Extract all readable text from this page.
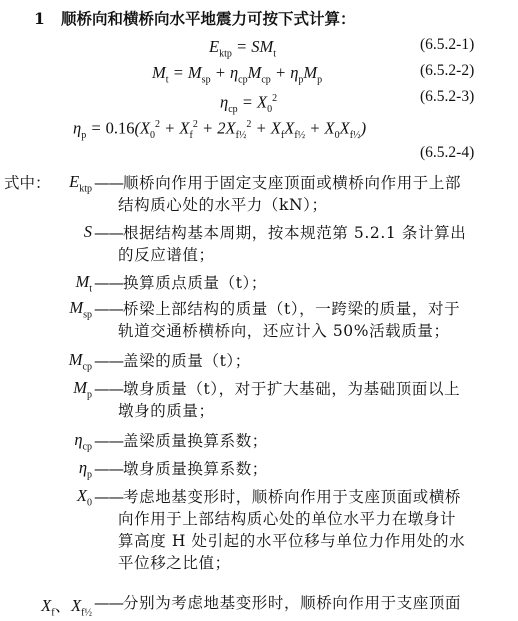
1 顺桥向和横桥向水平地震力可按下式计算：
$E_{ktp} = SM_t$
(6.5.2-1)
$M_t = M_{sp} + \eta_{cp}M_{cp} + \eta_pM_p$
(6.5.2-2)
$\eta_{cp} = X_0^2$	(6.5.2-3)
$\eta_p = 0.16(X_0^2 + X_f^2 + 2X_{f\frac{1}{2}}^2 + X_fX_{f\frac{1}{2}} + X_0X_{f\frac{1}{2}})$
(6.5.2-4)
式中：	$E_{ktp}$
S
$M_t$
$M_{sp}$
$M_{cp}$
$M_p$
$\eta_{cp}$
$\eta_p$
$X_0$
$X_f$、$X_{f\frac{1}{2}}$
——顺桥向作用于固定支座顶面或横桥向作用于上部
结构质心处的水平力（kN）；
——根据结构基本周期，按本规范第 5.2.1 条计算出
的反应谱值；
——换算质点质量（t）；
——桥梁上部结构的质量（t），一跨梁的质量，对于
轨道交通桥横桥向，还应计入 50%活载质量；
——盖梁的质量（t）；
——墩身质量（t），对于扩大基础，为基础顶面以上
墩身的质量；
——盖梁质量换算系数；
——墩身质量换算系数；
——考虑地基变形时，顺桥向作用于支座顶面或横桥
向作用于上部结构质心处的单位水平力在墩身计
算高度 H 处引起的水平位移与单位力作用处的水
平位移之比值；
——分别为考虑地基变形时，顺桥向作用于支座顶面
